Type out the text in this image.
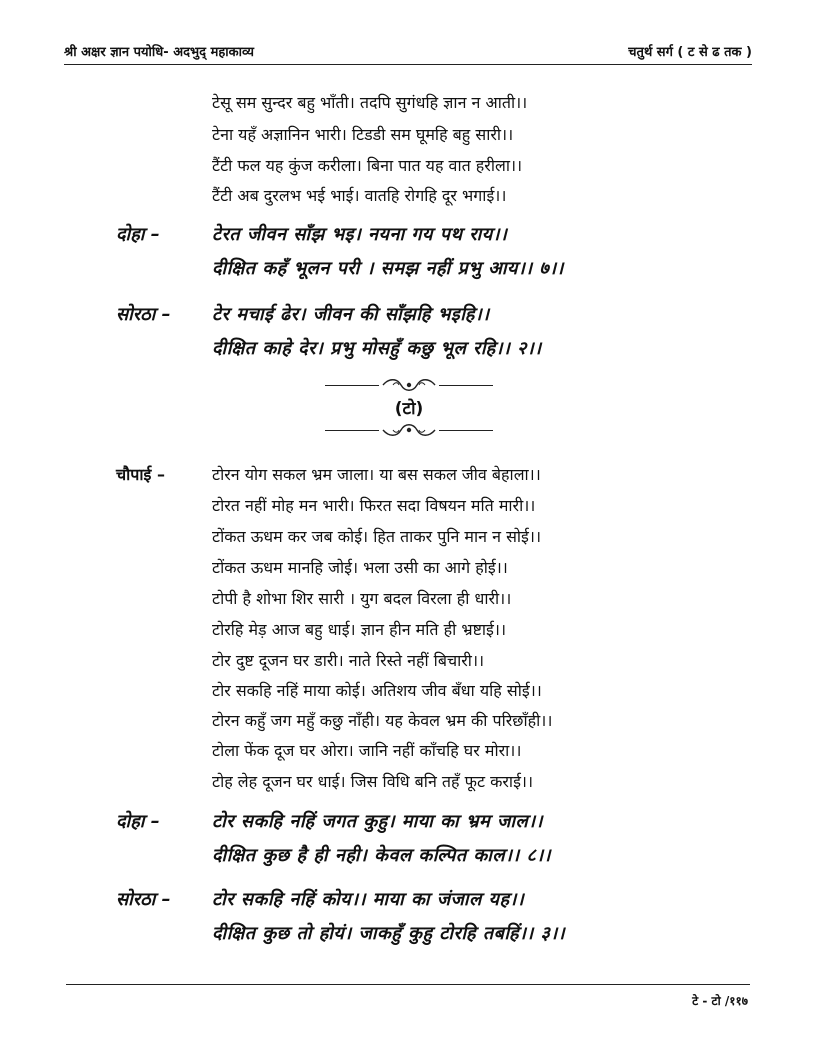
श्री अक्षर ज्ञान पयोधि- अदभुद् महाकाव्य	चतुर्थ सर्ग ( ट से ढ तक )
टेसू सम सुन्दर बहु भाँती। तदपि सुगंधहि ज्ञान न आती।।
टेना यहँ अज्ञानिन भारी। टिडडी सम घूमहि बहु सारी।।
टैंटी फल यह कुंज करीला। बिना पात यह वात हरीला।।
टैंटी अब दुरलभ भई भाई। वातहि रोगहि दूर भगाई।।
दोहा –	टेरत जीवन साँझ भइ। नयना गय पथ राय।।
दीक्षित कहँ भूलन परी । समझ नहीं प्रभु आय।। ७।।
सोरठा – टेर मचाई ढेर। जीवन की साँझहि भइहि।।
दीक्षित काहे देर। प्रभु मोसहुँ कछु भूल रहि।। २।।
(टो)
चौपाई –	टोरन योग सकल भ्रम जाला। या बस सकल जीव बेहाला।।
टोरत नहीं मोह मन भारी। फिरत सदा विषयन मति मारी।।
टोंकत ऊधम कर जब कोई। हित ताकर पुनि मान न सोई।।
टोंकत ऊधम मानहि जोई। भला उसी का आगे होई।।
टोपी है शोभा शिर सारी । युग बदल विरला ही धारी।।
टोरहि मेड़ आज बहु धाई। ज्ञान हीन मति ही भ्रष्टाई।।
टोर दुष्ट दूजन घर डारी। नाते रिस्ते नहीं बिचारी।।
टोर सकहि नहिं माया कोई। अतिशय जीव बँधा यहि सोई।।
टोरन कहुँ जग महुँ कछु नाँही। यह केवल भ्रम की परिछाँही।।
टोला फेंक दूज घर ओरा। जानि नहीं काँचहि घर मोरा।।
टोह लेह दूजन घर धाई। जिस विधि बनि तहँ फूट कराई।।
दोहा –	टोर सकहि नहिं जगत कुहु। माया का भ्रम जाल।।
दीक्षित कुछ है ही नही। केवल कल्पित काल।। ८।।
सोरठा – टोर सकहि नहिं कोय।। माया का जंजाल यह।।
दीक्षित कुछ तो होयं। जाकहुँ कुहु टोरहि तबहिं।। ३।।
टे - टो /११७
